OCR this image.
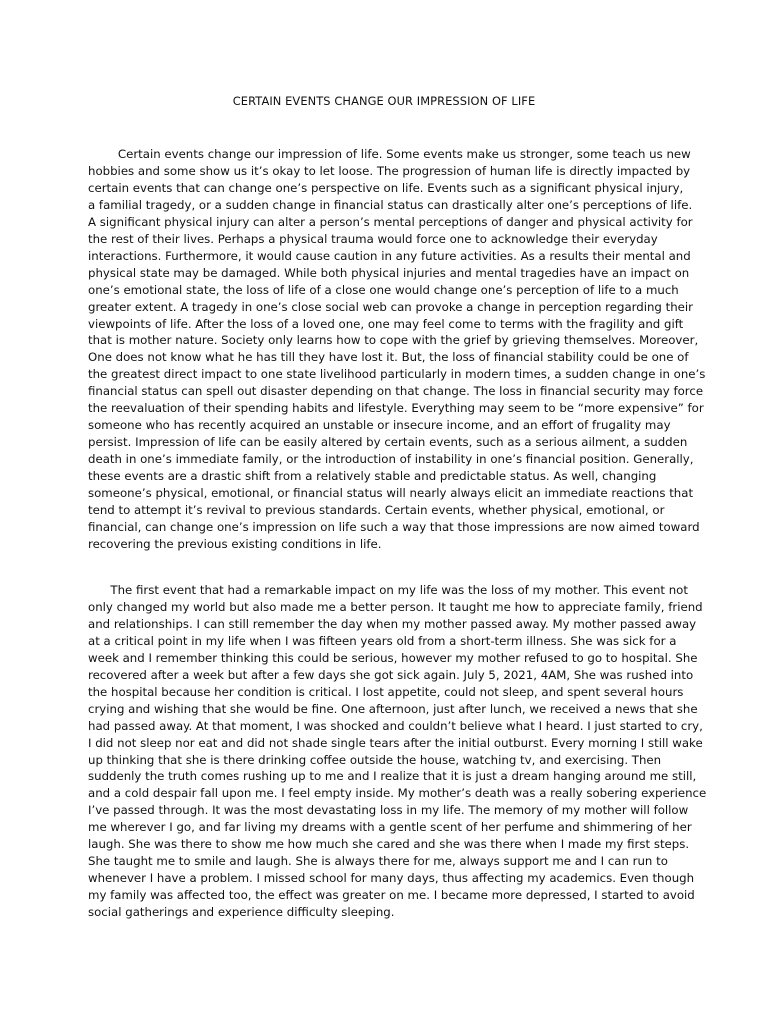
CERTAIN EVENTS CHANGE OUR IMPRESSION OF LIFE

Certain events change our impression of life. Some events make us stronger, some teach us new
hobbies and some show us it’s okay to let loose. The progression of human life is directly impacted by
certain events that can change one’s perspective on life. Events such as a significant physical injury,
a familial tragedy, or a sudden change in financial status can drastically alter one’s perceptions of life.
A significant physical injury can alter a person’s mental perceptions of danger and physical activity for
the rest of their lives. Perhaps a physical trauma would force one to acknowledge their everyday
interactions. Furthermore, it would cause caution in any future activities. As a results their mental and
physical state may be damaged. While both physical injuries and mental tragedies have an impact on
one’s emotional state, the loss of life of a close one would change one’s perception of life to a much
greater extent. A tragedy in one’s close social web can provoke a change in perception regarding their
viewpoints of life. After the loss of a loved one, one may feel come to terms with the fragility and gift
that is mother nature. Society only learns how to cope with the grief by grieving themselves. Moreover,
One does not know what he has till they have lost it. But, the loss of financial stability could be one of
the greatest direct impact to one state livelihood particularly in modern times, a sudden change in one’s
financial status can spell out disaster depending on that change. The loss in financial security may force
the reevaluation of their spending habits and lifestyle. Everything may seem to be “more expensive” for
someone who has recently acquired an unstable or insecure income, and an effort of frugality may
persist. Impression of life can be easily altered by certain events, such as a serious ailment, a sudden
death in one’s immediate family, or the introduction of instability in one’s financial position. Generally,
these events are a drastic shift from a relatively stable and predictable status. As well, changing
someone’s physical, emotional, or financial status will nearly always elicit an immediate reactions that
tend to attempt it’s revival to previous standards. Certain events, whether physical, emotional, or
financial, can change one’s impression on life such a way that those impressions are now aimed toward
recovering the previous existing conditions in life.

The first event that had a remarkable impact on my life was the loss of my mother. This event not
only changed my world but also made me a better person. It taught me how to appreciate family, friend
and relationships. I can still remember the day when my mother passed away. My mother passed away
at a critical point in my life when I was fifteen years old from a short-term illness. She was sick for a
week and I remember thinking this could be serious, however my mother refused to go to hospital. She
recovered after a week but after a few days she got sick again. July 5, 2021, 4AM, She was rushed into
the hospital because her condition is critical. I lost appetite, could not sleep, and spent several hours
crying and wishing that she would be fine. One afternoon, just after lunch, we received a news that she
had passed away. At that moment, I was shocked and couldn’t believe what I heard. I just started to cry,
I did not sleep nor eat and did not shade single tears after the initial outburst. Every morning I still wake
up thinking that she is there drinking coffee outside the house, watching tv, and exercising. Then
suddenly the truth comes rushing up to me and I realize that it is just a dream hanging around me still,
and a cold despair fall upon me. I feel empty inside. My mother’s death was a really sobering experience
I’ve passed through. It was the most devastating loss in my life. The memory of my mother will follow
me wherever I go, and far living my dreams with a gentle scent of her perfume and shimmering of her
laugh. She was there to show me how much she cared and she was there when I made my first steps.
She taught me to smile and laugh. She is always there for me, always support me and I can run to
whenever I have a problem. I missed school for many days, thus affecting my academics. Even though
my family was affected too, the effect was greater on me. I became more depressed, I started to avoid
social gatherings and experience difficulty sleeping.
